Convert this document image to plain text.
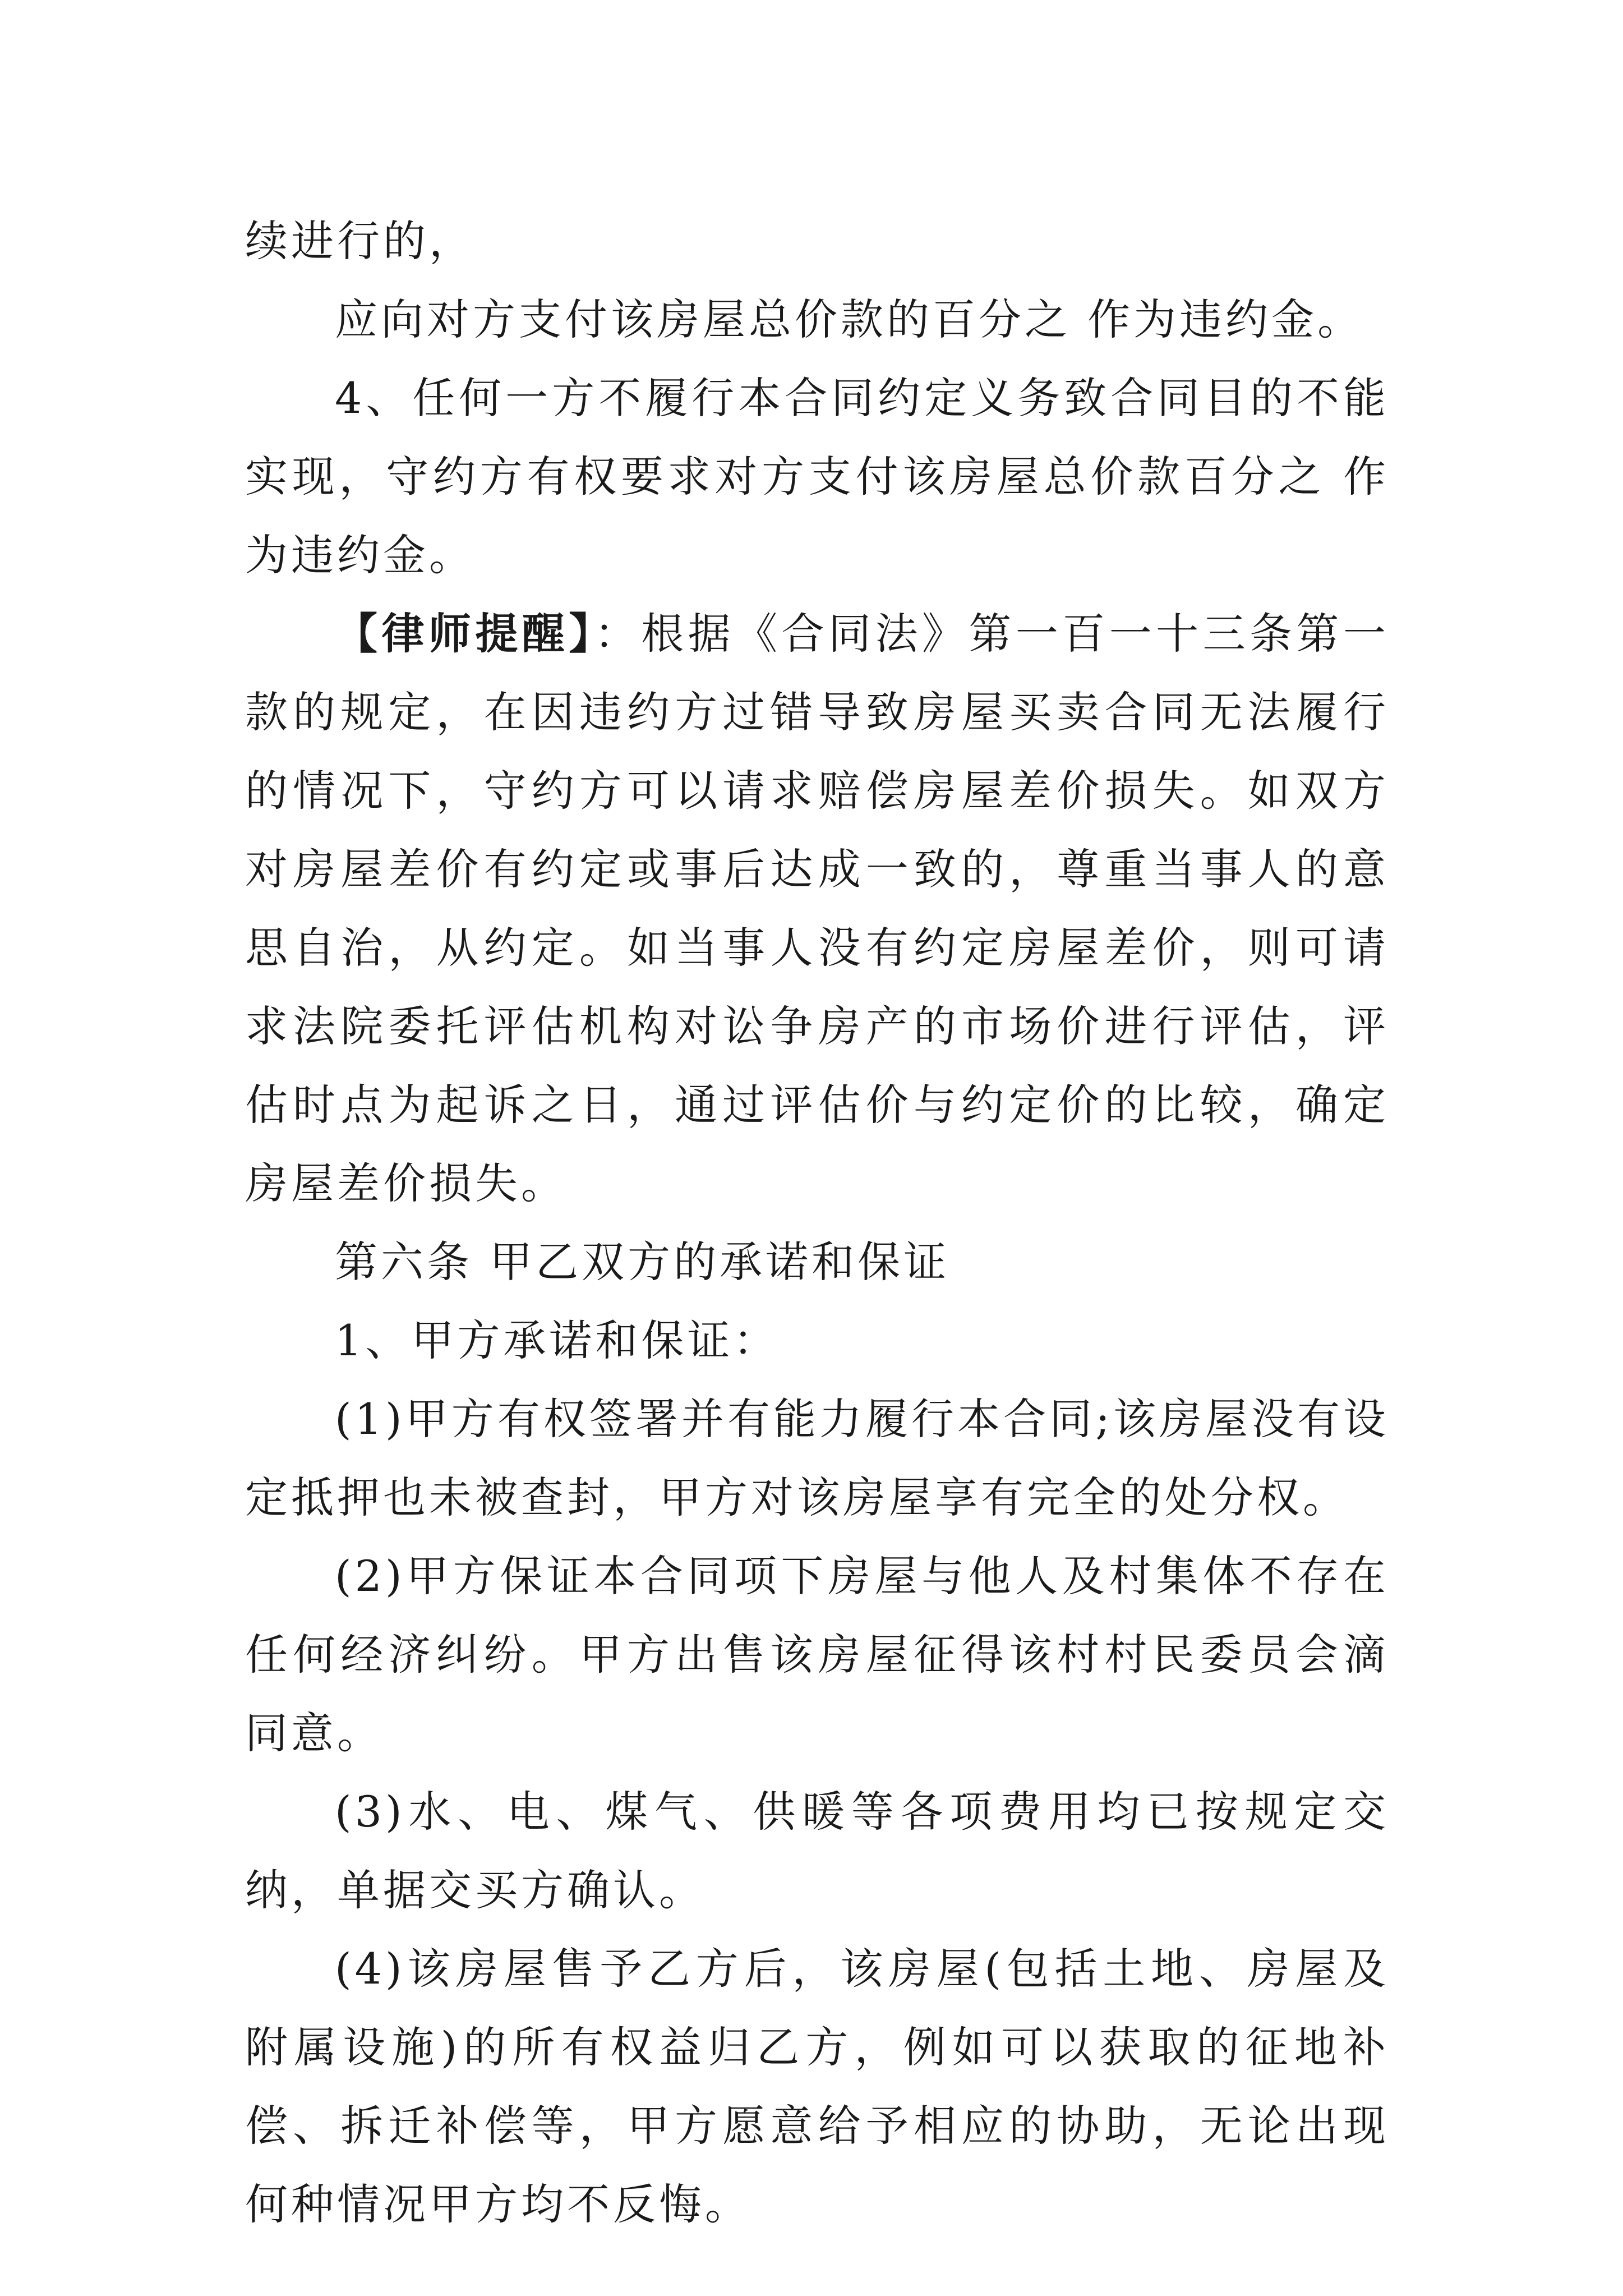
续进行的，

应向对方支付该房屋总价款的百分之 作为违约金。

4、任何一方不履行本合同约定义务致合同目的不能实现，守约方有权要求对方支付该房屋总价款百分之 作为违约金。

【律师提醒】：根据《合同法》第一百一十三条第一款的规定，在因违约方过错导致房屋买卖合同无法履行的情况下，守约方可以请求赔偿房屋差价损失。如双方对房屋差价有约定或事后达成一致的，尊重当事人的意思自治，从约定。如当事人没有约定房屋差价，则可请求法院委托评估机构对讼争房产的市场价进行评估，评估时点为起诉之日，通过评估价与约定价的比较，确定房屋差价损失。

第六条 甲乙双方的承诺和保证

1、甲方承诺和保证：

(1)甲方有权签署并有能力履行本合同;该房屋没有设定抵押也未被查封，甲方对该房屋享有完全的处分权。

(2)甲方保证本合同项下房屋与他人及村集体不存在任何经济纠纷。甲方出售该房屋征得该村村民委员会滴同意。

(3)水、电、煤气、供暖等各项费用均已按规定交纳，单据交买方确认。

(4)该房屋售予乙方后，该房屋(包括土地、房屋及附属设施)的所有权益归乙方，例如可以获取的征地补偿、拆迁补偿等，甲方愿意给予相应的协助，无论出现何种情况甲方均不反悔。
